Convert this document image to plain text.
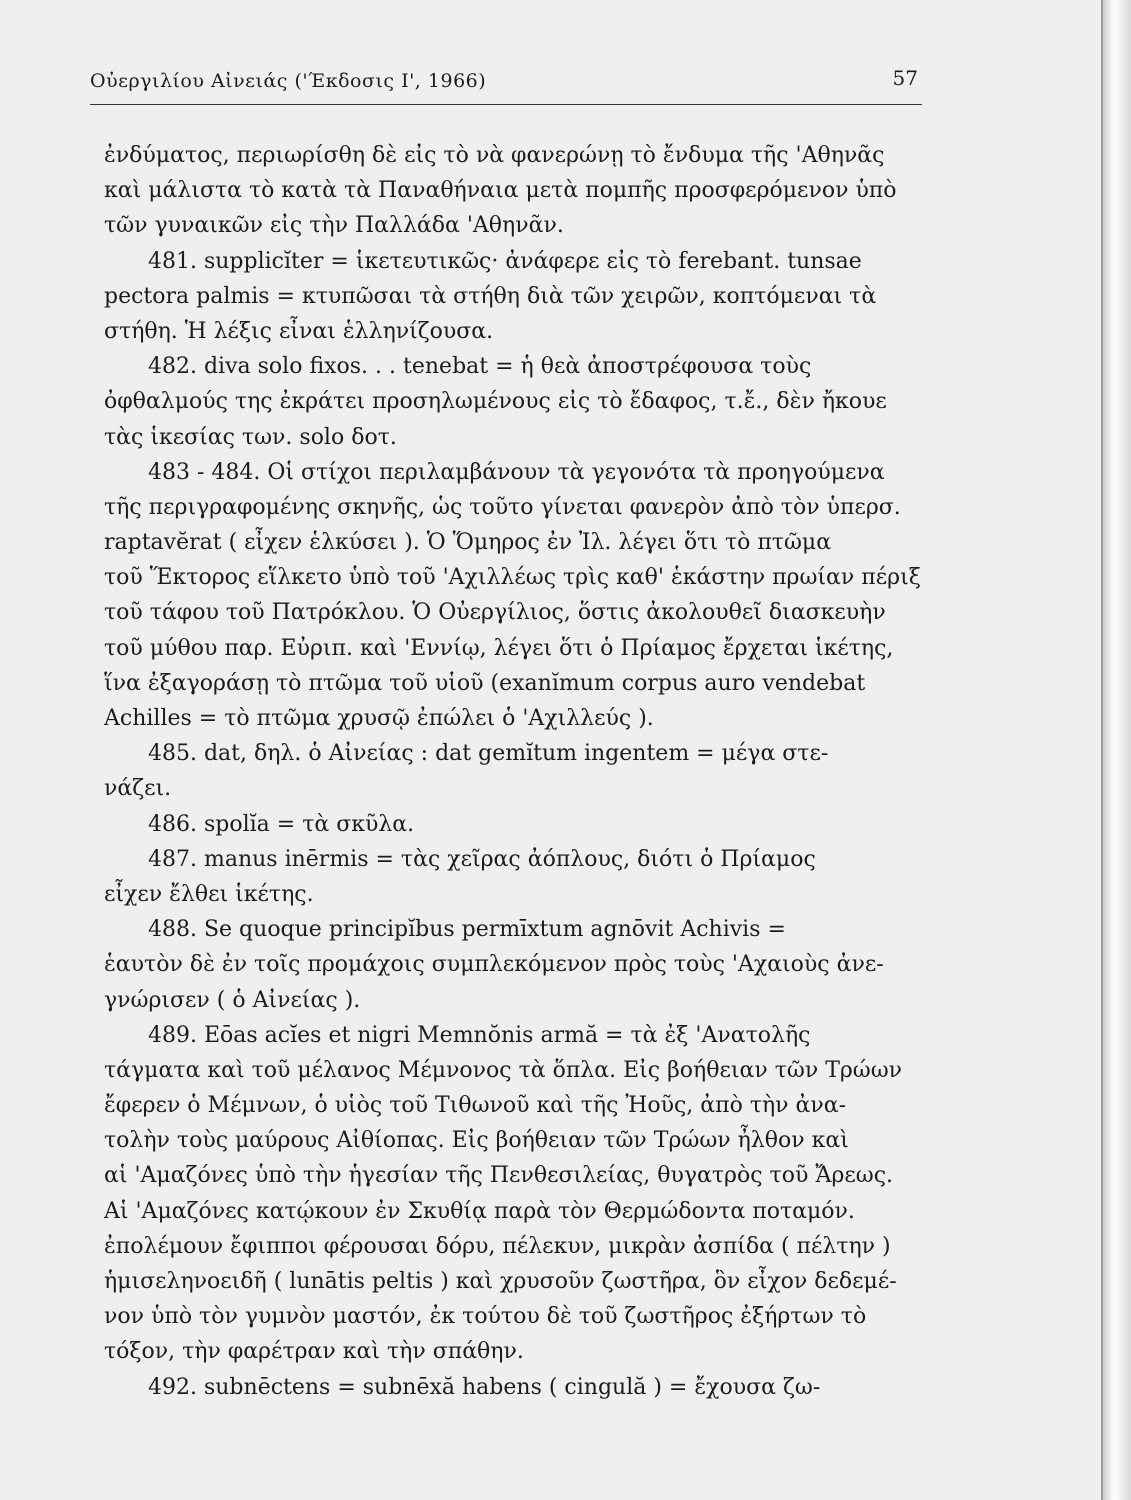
Οὐεργιλίου Αἰνειάς ('Έκδοσις Ι', 1966)	57
ἐνδύματος, περιωρίσθη δὲ εἰς τὸ νὰ φανερώνῃ τὸ ἔνδυμα τῆς 'Αθηνᾶς
καὶ μάλιστα τὸ κατὰ τὰ Παναθήναια μετὰ πομπῆς προσφερόμενον ὑπὸ
τῶν γυναικῶν εἰς τὴν Παλλάδα 'Αθηνᾶν.
481. supplicĭter = ἱκετευτικῶς· ἀνάφερε εἰς τὸ ferebant. tunsae
pectora palmis = κτυπῶσαι τὰ στήθη διὰ τῶν χειρῶν, κοπτόμεναι τὰ
στήθη. Ἡ λέξις εἶναι ἑλληνίζουσα.
482. diva solo fixos. . . tenebat = ἡ θεὰ ἀποστρέφουσα τοὺς
ὀφθαλμούς της ἐκράτει προσηλωμένους εἰς τὸ ἔδαφος, τ.ἔ., δὲν ἤκουε
τὰς ἱκεσίας των. solo δοτ.
483 - 484. Οἱ στίχοι περιλαμβάνουν τὰ γεγονότα τὰ προηγούμενα
τῆς περιγραφομένης σκηνῆς, ὡς τοῦτο γίνεται φανερὸν ἀπὸ τὸν ὑπερσ.
raptavĕrat ( εἶχεν ἑλκύσει ). Ὁ Ὅμηρος ἐν Ἰλ. λέγει ὅτι τὸ πτῶμα
τοῦ Ἕκτορος εἵλκετο ὑπὸ τοῦ 'Αχιλλέως τρὶς καθ' ἑκάστην πρωίαν πέριξ
τοῦ τάφου τοῦ Πατρόκλου. Ὁ Οὐεργίλιος, ὅστις ἀκολουθεῖ διασκευὴν
τοῦ μύθου παρ. Εὐριπ. καὶ 'Εννίῳ, λέγει ὅτι ὁ Πρίαμος ἔρχεται ἱκέτης,
ἵνα ἐξαγοράσῃ τὸ πτῶμα τοῦ υἱοῦ (exanĭmum corpus auro vendebat
Achilles = τὸ πτῶμα χρυσῷ ἐπώλει ὁ 'Αχιλλεύς ).
485. dat, δηλ. ὁ Αἰνείας : dat gemĭtum ingentem = μέγα στε-
νάζει.
486. spolĭa = τὰ σκῦλα.
487. manus inērmis = τὰς χεῖρας ἀόπλους, διότι ὁ Πρίαμος
εἶχεν ἔλθει ἱκέτης.
488. Se quoque principĭbus permīxtum agnōvit Achivis =
ἑαυτὸν δὲ ἐν τοῖς προμάχοις συμπλεκόμενον πρὸς τοὺς 'Αχαιοὺς ἀνε-
γνώρισεν ( ὁ Αἰνείας ).
489. Eōas acĭes et nigri Memnŏnis armă = τὰ ἐξ 'Ανατολῆς
τάγματα καὶ τοῦ μέλανος Μέμνονος τὰ ὅπλα. Εἰς βοήθειαν τῶν Τρώων
ἔφερεν ὁ Μέμνων, ὁ υἱὸς τοῦ Τιθωνοῦ καὶ τῆς Ἠοῦς, ἀπὸ τὴν ἀνα-
τολὴν τοὺς μαύρους Αἰθίοπας. Εἰς βοήθειαν τῶν Τρώων ἦλθον καὶ
αἱ 'Αμαζόνες ὑπὸ τὴν ἡγεσίαν τῆς Πενθεσιλείας, θυγατρὸς τοῦ Ἄρεως.
Αἱ 'Αμαζόνες κατῴκουν ἐν Σκυθίᾳ παρὰ τὸν Θερμώδοντα ποταμόν.
ἐπολέμουν ἔφιπποι φέρουσαι δόρυ, πέλεκυν, μικρὰν ἀσπίδα ( πέλτην )
ἡμισεληνοειδῆ ( lunātis peltis ) καὶ χρυσοῦν ζωστῆρα, ὃν εἶχον δεδεμέ-
νον ὑπὸ τὸν γυμνὸν μαστόν, ἐκ τούτου δὲ τοῦ ζωστῆρος ἐξήρτων τὸ
τόξον, τὴν φαρέτραν καὶ τὴν σπάθην.
492. subnēctens = subnēxă habens ( cingulă ) = ἔχουσα ζω-
